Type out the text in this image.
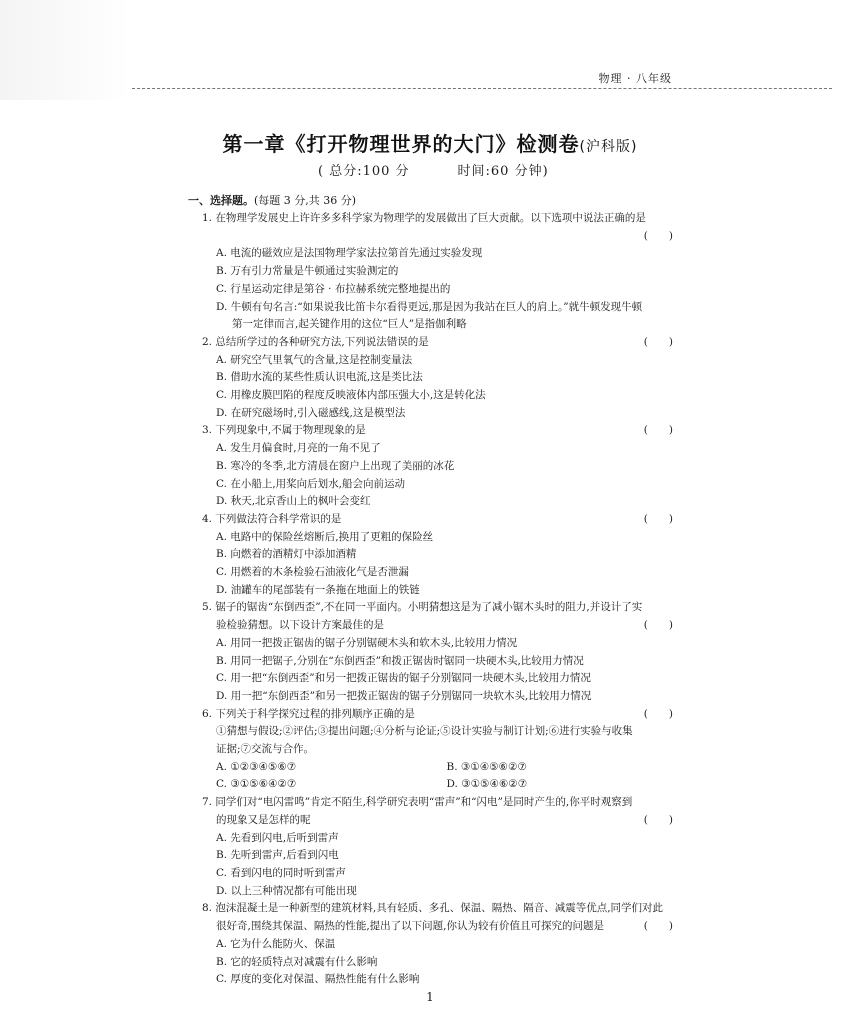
物理 · 八年级
第一章《打开物理世界的大门》检测卷(沪科版)
( 总分:100 分	时间:60 分钟)
一、选择题。(每题 3 分,共 36 分)
1. 在物理学发展史上许许多多科学家为物理学的发展做出了巨大贡献。以下选项中说法正确的是
(　　)
A. 电流的磁效应是法国物理学家法拉第首先通过实验发现
B. 万有引力常量是牛顿通过实验测定的
C. 行星运动定律是第谷 · 布拉赫系统完整地提出的
D. 牛顿有句名言:“如果说我比笛卡尔看得更远,那是因为我站在巨人的肩上。”就牛顿发现牛顿
第一定律而言,起关键作用的这位“巨人”是指伽利略
2. 总结所学过的各种研究方法,下列说法错误的是	(　　)
A. 研究空气里氧气的含量,这是控制变量法
B. 借助水流的某些性质认识电流,这是类比法
C. 用橡皮膜凹陷的程度反映液体内部压强大小,这是转化法
D. 在研究磁场时,引入磁感线,这是模型法
3. 下列现象中,不属于物理现象的是	(　　)
A. 发生月偏食时,月亮的一角不见了
B. 寒冷的冬季,北方清晨在窗户上出现了美丽的冰花
C. 在小船上,用桨向后划水,船会向前运动
D. 秋天,北京香山上的枫叶会变红
4. 下列做法符合科学常识的是	(　　)
A. 电路中的保险丝熔断后,换用了更粗的保险丝
B. 向燃着的酒精灯中添加酒精
C. 用燃着的木条检验石油液化气是否泄漏
D. 油罐车的尾部装有一条拖在地面上的铁链
5. 锯子的锯齿“东倒西歪”,不在同一平面内。小明猜想这是为了减小锯木头时的阻力,并设计了实
验检验猜想。以下设计方案最佳的是	(　　)
A. 用同一把拨正锯齿的锯子分别锯硬木头和软木头,比较用力情况
B. 用同一把锯子,分别在“东倒西歪”和拨正锯齿时锯同一块硬木头,比较用力情况
C. 用一把“东倒西歪”和另一把拨正锯齿的锯子分别锯同一块硬木头,比较用力情况
D. 用一把“东倒西歪”和另一把拨正锯齿的锯子分别锯同一块软木头,比较用力情况
6. 下列关于科学探究过程的排列顺序正确的是	(　　)
①猜想与假设;②评估;③提出问题;④分析与论证;⑤设计实验与制订计划;⑥进行实验与收集
证据;⑦交流与合作。
A. ①②③④⑤⑥⑦	B. ③①④⑤⑥②⑦
C. ③①⑤⑥④②⑦	D. ③①⑤④⑥②⑦
7. 同学们对“电闪雷鸣”肯定不陌生,科学研究表明“雷声”和“闪电”是同时产生的,你平时观察到
的现象又是怎样的呢	(　　)
A. 先看到闪电,后听到雷声
B. 先听到雷声,后看到闪电
C. 看到闪电的同时听到雷声
D. 以上三种情况都有可能出现
8. 泡沫混凝土是一种新型的建筑材料,具有轻质、多孔、保温、隔热、隔音、减震等优点,同学们对此
很好奇,围绕其保温、隔热的性能,提出了以下问题,你认为较有价值且可探究的问题是	(　　)
A. 它为什么能防火、保温
B. 它的轻质特点对减震有什么影响
C. 厚度的变化对保温、隔热性能有什么影响
1
